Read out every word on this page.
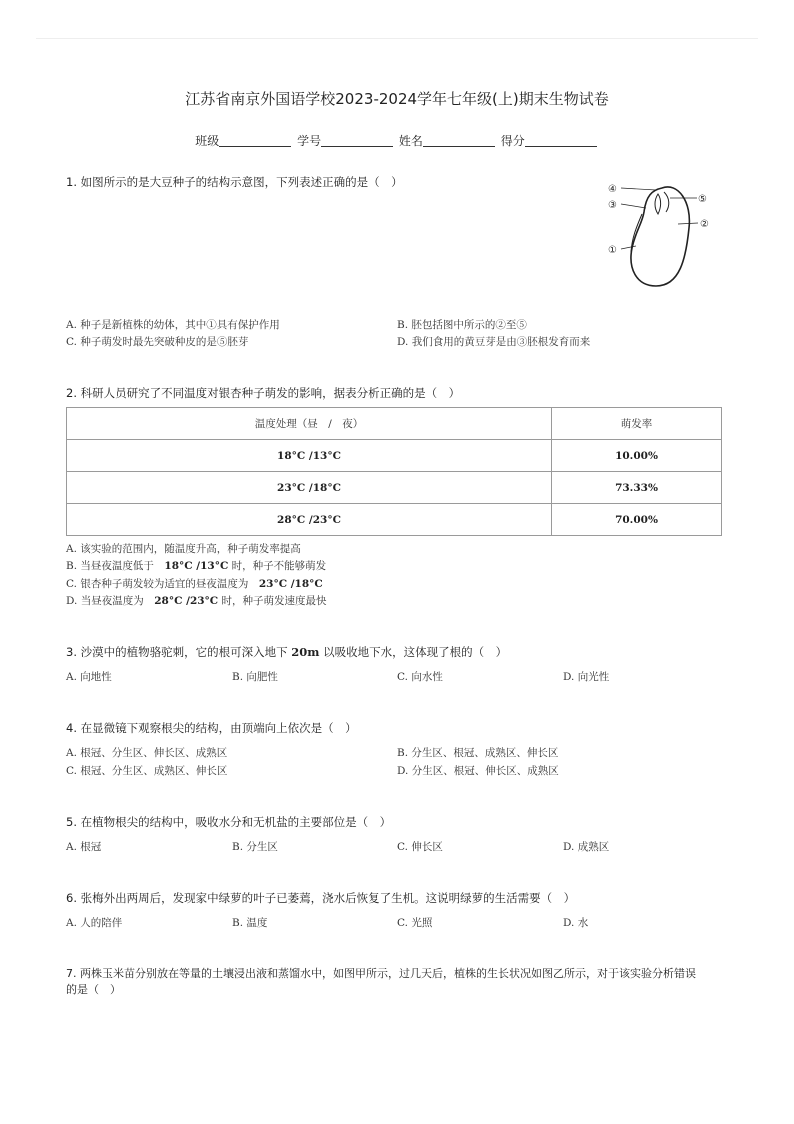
江苏省南京外国语学校2023-2024学年七年级(上)期末生物试卷
班级	学号	姓名	得分
1. 如图所示的是大豆种子的结构示意图，下列表述正确的是（　）
④
③
⑤
②
①
A. 种子是新植株的幼体，其中①具有保护作用	B. 胚包括图中所示的②至⑤
C. 种子萌发时最先突破种皮的是⑤胚芽	D. 我们食用的黄豆芽是由③胚根发育而来
2. 科研人员研究了不同温度对银杏种子萌发的影响，据表分析正确的是（　）
温度处理（昼　/　夜）	萌发率
18°C /13°C	10.00%
23°C /18°C	73.33%
28°C /23°C	70.00%
A. 该实验的范围内，随温度升高，种子萌发率提高
B. 当昼夜温度低于　18°C /13°C 时，种子不能够萌发
C. 银杏种子萌发较为适宜的昼夜温度为　23°C /18°C
D. 当昼夜温度为　28°C /23°C 时，种子萌发速度最快
3. 沙漠中的植物骆驼刺，它的根可深入地下 20m 以吸收地下水，这体现了根的（　）
A. 向地性	B. 向肥性	C. 向水性	D. 向光性
4. 在显微镜下观察根尖的结构，由顶端向上依次是（　）
A. 根冠、分生区、伸长区、成熟区	B. 分生区、根冠、成熟区、伸长区
C. 根冠、分生区、成熟区、伸长区	D. 分生区、根冠、伸长区、成熟区
5. 在植物根尖的结构中，吸收水分和无机盐的主要部位是（　）
A. 根冠	B. 分生区	C. 伸长区	D. 成熟区
6. 张梅外出两周后，发现家中绿萝的叶子已萎蔫，浇水后恢复了生机。这说明绿萝的生活需要（　）
A. 人的陪伴	B. 温度	C. 光照	D. 水
7. 两株玉米苗分别放在等量的土壤浸出液和蒸馏水中，如图甲所示，过几天后，植株的生长状况如图乙所示，对于该实验分析错误
的是（　）
